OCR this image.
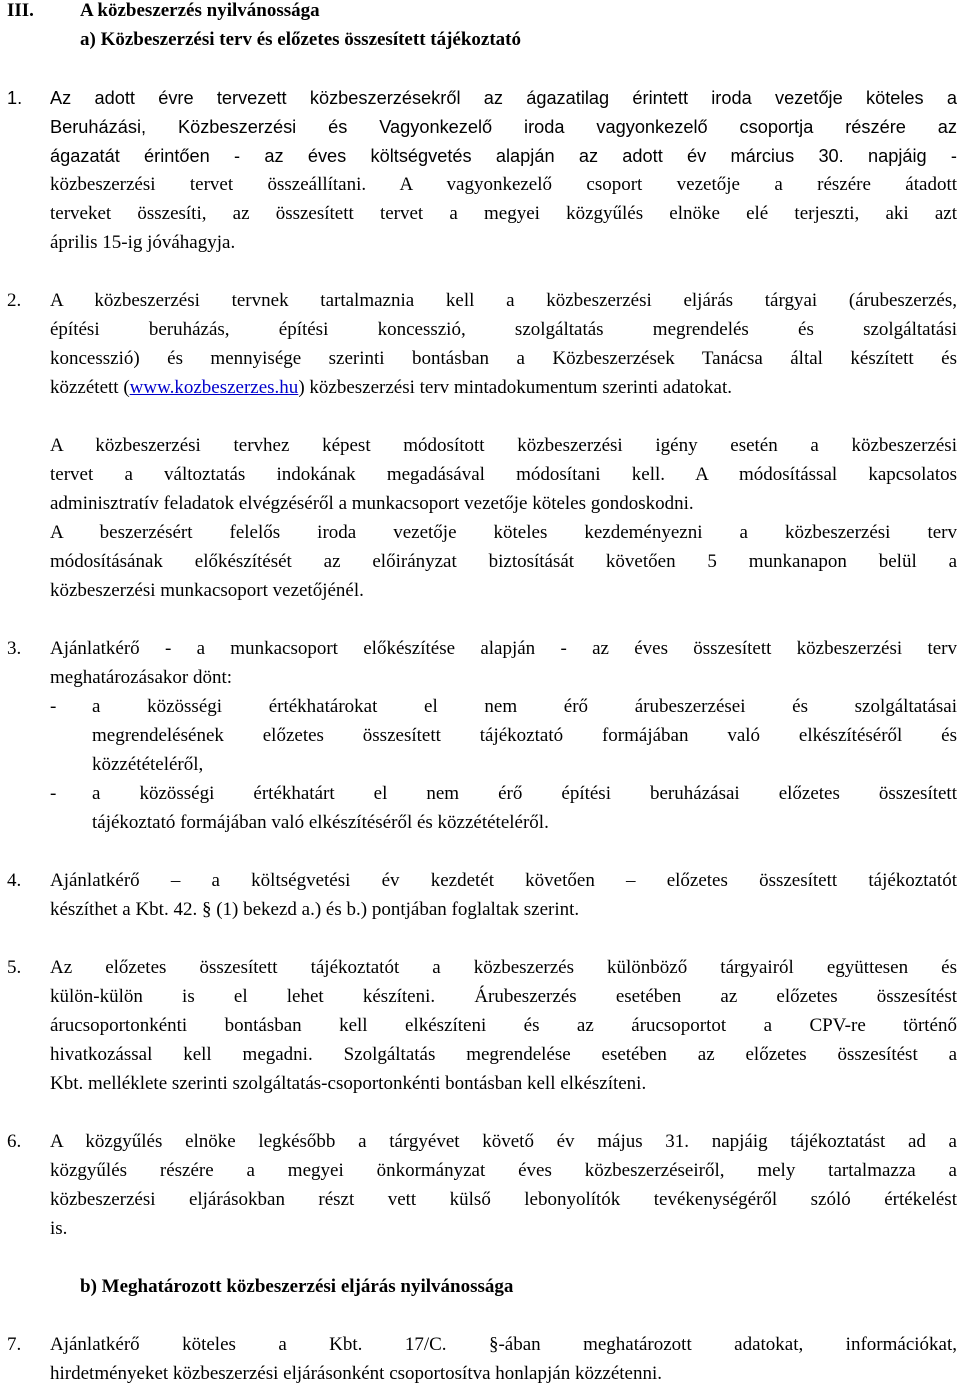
III. A közbeszerzés nyilvánossága
a) Közbeszerzési terv és előzetes összesített tájékoztató
1. Az adott évre tervezett közbeszerzésekről az ágazatilag érintett iroda vezetője köteles a
Beruházási, Közbeszerzési és Vagyonkezelő iroda vagyonkezelő csoportja részére az
ágazatát érintően - az éves költségvetés alapján az adott év március 30. napjáig -
közbeszerzési tervet összeállítani. A vagyonkezelő csoport vezetője a részére átadott
terveket összesíti, az összesített tervet a megyei közgyűlés elnöke elé terjeszti, aki azt
április 15-ig jóváhagyja.
2. A közbeszerzési tervnek tartalmaznia kell a közbeszerzési eljárás tárgyai (árubeszerzés,
építési beruházás, építési koncesszió, szolgáltatás megrendelés és szolgáltatási
koncesszió) és mennyisége szerinti bontásban a Közbeszerzések Tanácsa által készített és
közzétett (www.kozbeszerzes.hu) közbeszerzési terv mintadokumentum szerinti adatokat.
A közbeszerzési tervhez képest módosított közbeszerzési igény esetén a közbeszerzési
tervet a változtatás indokának megadásával módosítani kell. A módosítással kapcsolatos
adminisztratív feladatok elvégzéséről a munkacsoport vezetője köteles gondoskodni.
A beszerzésért felelős iroda vezetője köteles kezdeményezni a közbeszerzési terv
módosításának előkészítését az előirányzat biztosítását követően 5 munkanapon belül a
közbeszerzési munkacsoport vezetőjénél.
3. Ajánlatkérő - a munkacsoport előkészítése alapján - az éves összesített közbeszerzési terv
meghatározásakor dönt:
- a közösségi értékhatárokat el nem érő árubeszerzései és szolgáltatásai
megrendelésének előzetes összesített tájékoztató formájában való elkészítéséről és
közzétételéről,
- a közösségi értékhatárt el nem érő építési beruházásai előzetes összesített
tájékoztató formájában való elkészítéséről és közzétételéről.
4. Ajánlatkérő – a költségvetési év kezdetét követően – előzetes összesített tájékoztatót
készíthet a Kbt. 42. § (1) bekezd a.) és b.) pontjában foglaltak szerint.
5. Az előzetes összesített tájékoztatót a közbeszerzés különböző tárgyairól együttesen és
külön-külön is el lehet készíteni. Árubeszerzés esetében az előzetes összesítést
árucsoportonkénti bontásban kell elkészíteni és az árucsoportot a CPV-re történő
hivatkozással kell megadni. Szolgáltatás megrendelése esetében az előzetes összesítést a
Kbt. melléklete szerinti szolgáltatás-csoportonkénti bontásban kell elkészíteni.
6. A közgyűlés elnöke legkésőbb a tárgyévet követő év május 31. napjáig tájékoztatást ad a
közgyűlés részére a megyei önkormányzat éves közbeszerzéseiről, mely tartalmazza a
közbeszerzési eljárásokban részt vett külső lebonyolítók tevékenységéről szóló értékelést
is.
b) Meghatározott közbeszerzési eljárás nyilvánossága
7. Ajánlatkérő köteles a Kbt. 17/C. §-ában meghatározott adatokat, információkat,
hirdetményeket közbeszerzési eljárásonként csoportosítva honlapján közzétenni.
